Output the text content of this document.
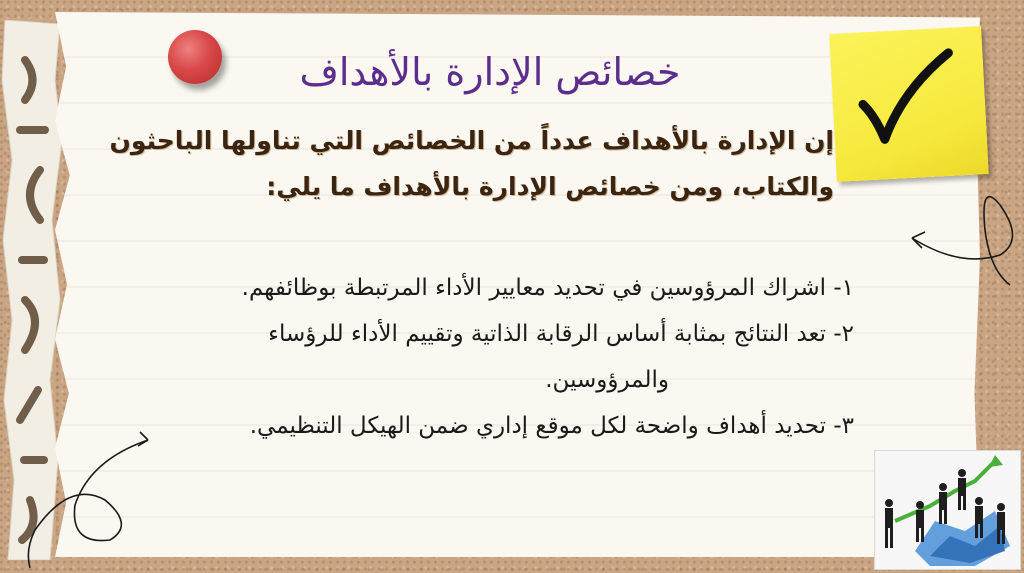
خصائص الإدارة بالأهداف
إن الإدارة بالأهداف عدداً من الخصائص التي تناولها الباحثون
والكتاب، ومن خصائص الإدارة بالأهداف ما يلي:
١- اشراك المرؤوسين في تحديد معايير الأداء المرتبطة بوظائفهم.
٢- تعد النتائج بمثابة أساس الرقابة الذاتية وتقييم الأداء للرؤساء
والمرؤوسين.
٣- تحديد أهداف واضحة لكل موقع إداري ضمن الهيكل التنظيمي.
